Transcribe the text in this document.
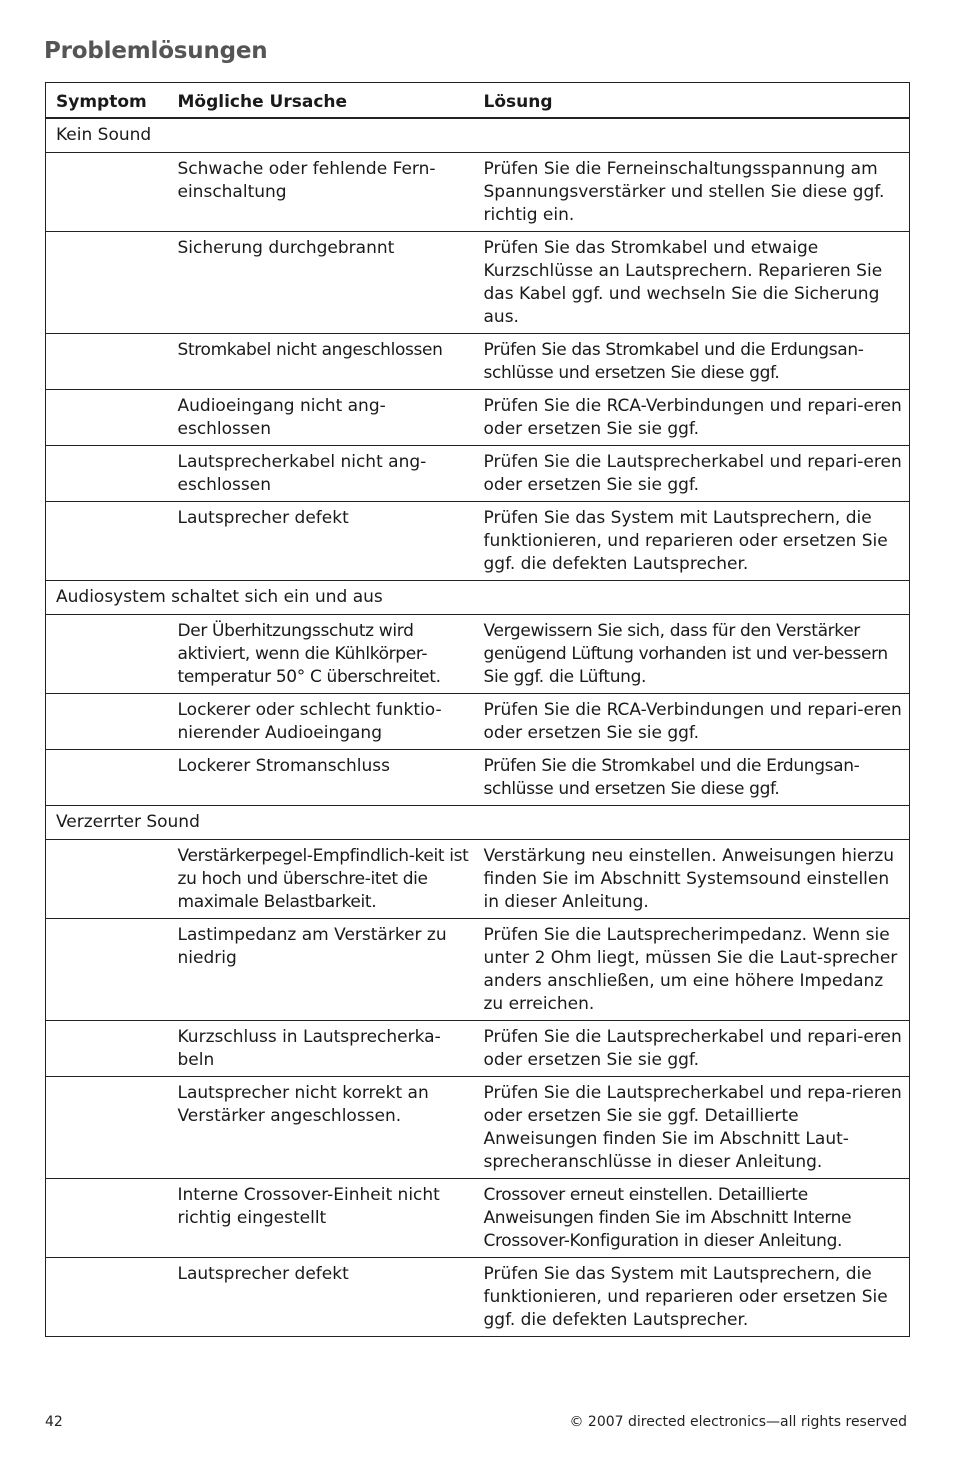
Problemlösungen
Symptom	Mögliche Ursache	Lösung
Kein Sound		
	Schwache oder fehlende Fern-einschaltung	Prüfen Sie die Ferneinschaltungsspannung am Spannungsverstärker und stellen Sie diese ggf. richtig ein.
	Sicherung durchgebrannt	Prüfen Sie das Stromkabel und etwaige Kurzschlüsse an Lautsprechern. Reparieren Sie das Kabel ggf. und wechseln Sie die Sicherung aus.
	Stromkabel nicht angeschlossen	Prüfen Sie das Stromkabel und die Erdungsan-schlüsse und ersetzen Sie diese ggf.
	Audioeingang nicht ang-eschlossen	Prüfen Sie die RCA-Verbindungen und repari-eren oder ersetzen Sie sie ggf.
	Lautsprecherkabel nicht ang-eschlossen	Prüfen Sie die Lautsprecherkabel und repari-eren oder ersetzen Sie sie ggf.
	Lautsprecher defekt	Prüfen Sie das System mit Lautsprechern, die funktionieren, und reparieren oder ersetzen Sie ggf. die defekten Lautsprecher.
Audiosystem schaltet sich ein und aus		
	Der Überhitzungsschutz wird aktiviert, wenn die Kühlkörper-temperatur 50° C überschreitet.	Vergewissern Sie sich, dass für den Verstärker genügend Lüftung vorhanden ist und ver-bessern Sie ggf. die Lüftung.
	Lockerer oder schlecht funktio-nierender Audioeingang	Prüfen Sie die RCA-Verbindungen und repari-eren oder ersetzen Sie sie ggf.
	Lockerer Stromanschluss	Prüfen Sie die Stromkabel und die Erdungsan-schlüsse und ersetzen Sie diese ggf.
Verzerrter Sound		
	Verstärkerpegel-Empfindlich-keit ist zu hoch und überschre-itet die maximale Belastbarkeit.	Verstärkung neu einstellen. Anweisungen hierzu finden Sie im Abschnitt Systemsound einstellen in dieser Anleitung.
	Lastimpedanz am Verstärker zu niedrig	Prüfen Sie die Lautsprecherimpedanz. Wenn sie unter 2 Ohm liegt, müssen Sie die Laut-sprecher anders anschließen, um eine höhere Impedanz zu erreichen.
	Kurzschluss in Lautsprecherka-beln	Prüfen Sie die Lautsprecherkabel und repari-eren oder ersetzen Sie sie ggf.
	Lautsprecher nicht korrekt an Verstärker angeschlossen.	Prüfen Sie die Lautsprecherkabel und repa-rieren oder ersetzen Sie sie ggf. Detaillierte Anweisungen finden Sie im Abschnitt Laut-sprecheranschlüsse in dieser Anleitung.
	Interne Crossover-Einheit nicht richtig eingestellt	Crossover erneut einstellen. Detaillierte Anweisungen finden Sie im Abschnitt Interne Crossover-Konfiguration in dieser Anleitung.
	Lautsprecher defekt	Prüfen Sie das System mit Lautsprechern, die funktionieren, und reparieren oder ersetzen Sie ggf. die defekten Lautsprecher.
42	© 2007 directed electronics—all rights reserved
